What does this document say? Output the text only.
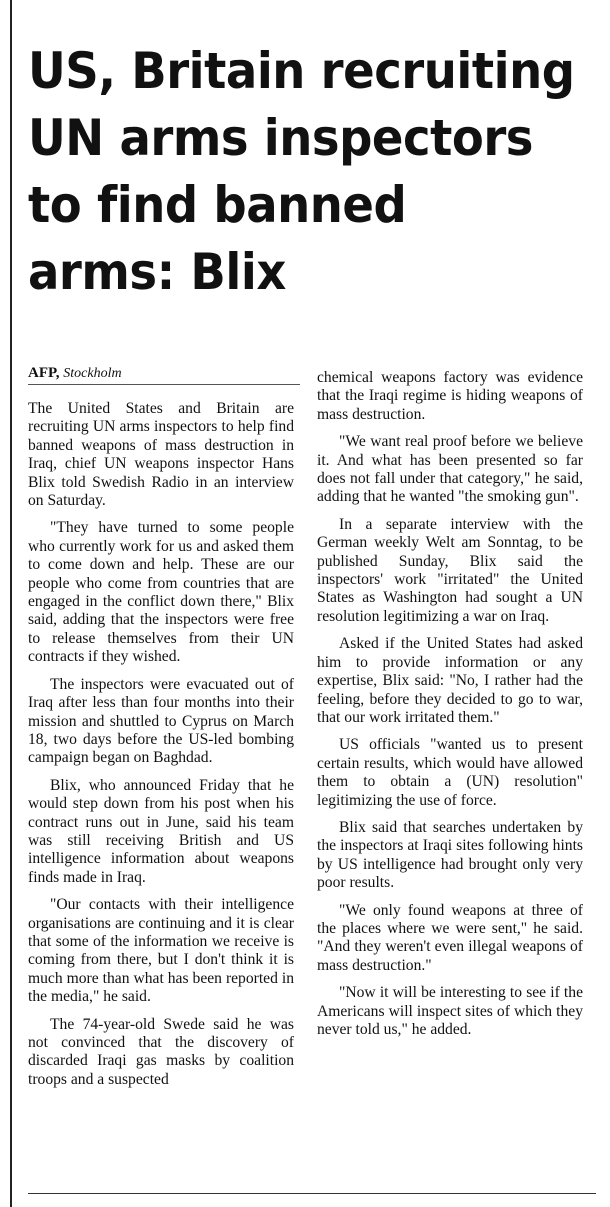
US, Britain recruiting
UN arms inspectors
to find banned
arms: Blix
AFP, Stockholm

The United States and Britain are recruiting UN arms inspectors to help find banned weapons of mass destruction in Iraq, chief UN weapons inspector Hans Blix told Swedish Radio in an interview on Saturday.

"They have turned to some people who currently work for us and asked them to come down and help. These are our people who come from countries that are engaged in the conflict down there," Blix said, adding that the inspectors were free to release themselves from their UN contracts if they wished.

The inspectors were evacuated out of Iraq after less than four months into their mission and shuttled to Cyprus on March 18, two days before the US-led bombing campaign began on Baghdad.

Blix, who announced Friday that he would step down from his post when his contract runs out in June, said his team was still receiving British and US intelligence information about weapons finds made in Iraq.

"Our contacts with their intelligence organisations are continuing and it is clear that some of the information we receive is coming from there, but I don't think it is much more than what has been reported in the media," he said.

The 74-year-old Swede said he was not convinced that the discovery of discarded Iraqi gas masks by coalition troops and a suspected

chemical weapons factory was evidence that the Iraqi regime is hiding weapons of mass destruction.

"We want real proof before we believe it. And what has been presented so far does not fall under that category," he said, adding that he wanted "the smoking gun".

In a separate interview with the German weekly Welt am Sonntag, to be published Sunday, Blix said the inspectors' work "irritated" the United States as Washington had sought a UN resolution legitimizing a war on Iraq.

Asked if the United States had asked him to provide information or any expertise, Blix said: "No, I rather had the feeling, before they decided to go to war, that our work irritated them."

US officials "wanted us to present certain results, which would have allowed them to obtain a (UN) resolution" legitimizing the use of force.

Blix said that searches undertaken by the inspectors at Iraqi sites following hints by US intelligence had brought only very poor results.

"We only found weapons at three of the places where we were sent," he said. "And they weren't even illegal weapons of mass destruction."

"Now it will be interesting to see if the Americans will inspect sites of which they never told us," he added.
